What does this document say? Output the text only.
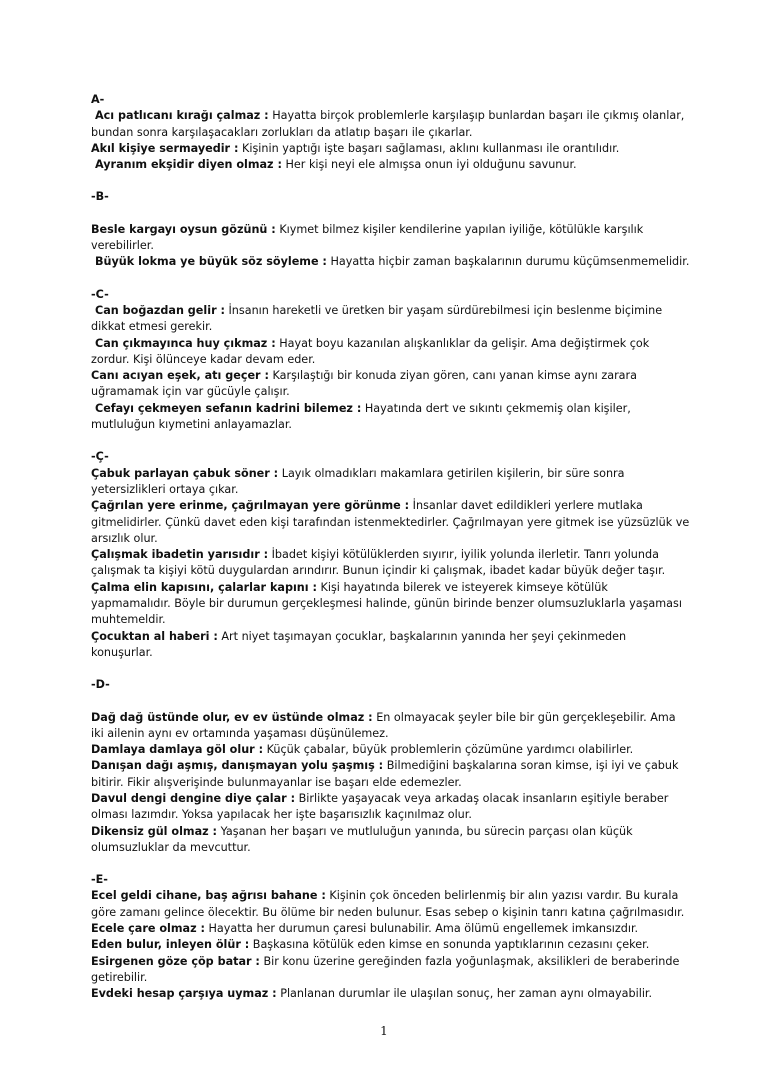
A-

Acı patlıcanı kırağı çalmaz : Hayatta birçok problemlerle karşılaşıp bunlardan başarı ile çıkmış olanlar, bundan sonra karşılaşacakları zorlukları da atlatıp başarı ile çıkarlar.

Akıl kişiye sermayedir : Kişinin yaptığı işte başarı sağlaması, aklını kullanması ile orantılıdır.

Ayranım ekşidir diyen olmaz : Her kişi neyi ele almışsa onun iyi olduğunu savunur.

-B-

Besle kargayı oysun gözünü : Kıymet bilmez kişiler kendilerine yapılan iyiliğe, kötülükle karşılık verebilirler.

Büyük lokma ye büyük söz söyleme : Hayatta hiçbir zaman başkalarının durumu küçümsenmemelidir.

-C-

Can boğazdan gelir : İnsanın hareketli ve üretken bir yaşam sürdürebilmesi için beslenme biçimine dikkat etmesi gerekir.

Can çıkmayınca huy çıkmaz : Hayat boyu kazanılan alışkanlıklar da gelişir. Ama değiştirmek çok zordur. Kişi ölünceye kadar devam eder.

Canı acıyan eşek, atı geçer : Karşılaştığı bir konuda ziyan gören, canı yanan kimse aynı zarara uğramamak için var gücüyle çalışır.

Cefayı çekmeyen sefanın kadrini bilemez : Hayatında dert ve sıkıntı çekmemiş olan kişiler, mutluluğun kıymetini anlayamazlar.

-Ç-

Çabuk parlayan çabuk söner : Layık olmadıkları makamlara getirilen kişilerin, bir süre sonra yetersizlikleri ortaya çıkar.

Çağrılan yere erinme, çağrılmayan yere görünme : İnsanlar davet edildikleri yerlere mutlaka gitmelidirler. Çünkü davet eden kişi tarafından istenmektedirler. Çağrılmayan yere gitmek ise yüzsüzlük ve arsızlık olur.

Çalışmak ibadetin yarısıdır : İbadet kişiyi kötülüklerden sıyırır, iyilik yolunda ilerletir. Tanrı yolunda çalışmak ta kişiyi kötü duygulardan arındırır. Bunun içindir ki çalışmak, ibadet kadar büyük değer taşır.

Çalma elin kapısını, çalarlar kapını : Kişi hayatında bilerek ve isteyerek kimseye kötülük yapmamalıdır. Böyle bir durumun gerçekleşmesi halinde, günün birinde benzer olumsuzluklarla yaşaması muhtemeldir.

Çocuktan al haberi : Art niyet taşımayan çocuklar, başkalarının yanında her şeyi çekinmeden konuşurlar.

-D-

Dağ dağ üstünde olur, ev ev üstünde olmaz : En olmayacak şeyler bile bir gün gerçekleşebilir. Ama iki ailenin aynı ev ortamında yaşaması düşünülemez.

Damlaya damlaya göl olur : Küçük çabalar, büyük problemlerin çözümüne yardımcı olabilirler.

Danışan dağı aşmış, danışmayan yolu şaşmış : Bilmediğini başkalarına soran kimse, işi iyi ve çabuk bitirir. Fikir alışverişinde bulunmayanlar ise başarı elde edemezler.

Davul dengi dengine diye çalar : Birlikte yaşayacak veya arkadaş olacak insanların eşitiyle beraber olması lazımdır. Yoksa yapılacak her işte başarısızlık kaçınılmaz olur.

Dikensiz gül olmaz : Yaşanan her başarı ve mutluluğun yanında, bu sürecin parçası olan küçük olumsuzluklar da mevcuttur.

-E-

Ecel geldi cihane, baş ağrısı bahane : Kişinin çok önceden belirlenmiş bir alın yazısı vardır. Bu kurala göre zamanı gelince ölecektir. Bu ölüme bir neden bulunur. Esas sebep o kişinin tanrı katına çağrılmasıdır.

Ecele çare olmaz : Hayatta her durumun çaresi bulunabilir. Ama ölümü engellemek imkansızdır.

Eden bulur, inleyen ölür : Başkasına kötülük eden kimse en sonunda yaptıklarının cezasını çeker.

Esirgenen göze çöp batar : Bir konu üzerine gereğinden fazla yoğunlaşmak, aksilikleri de beraberinde getirebilir.

Evdeki hesap çarşıya uymaz : Planlanan durumlar ile ulaşılan sonuç, her zaman aynı olmayabilir.

1
